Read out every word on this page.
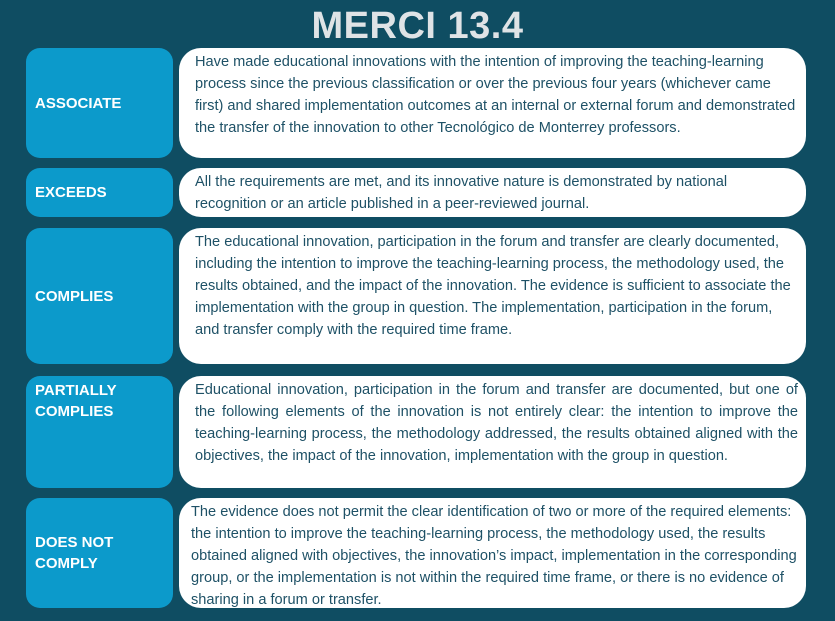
MERCI 13.4
ASSOCIATE
Have made educational innovations with the intention of improving the teaching-learning process since the previous classification or over the previous four years (whichever came first) and shared implementation outcomes at an internal or external forum and demonstrated the transfer of the innovation to other Tecnológico de Monterrey professors.
EXCEEDS
All the requirements are met, and its innovative nature is demonstrated by national recognition or an article published in a peer-reviewed journal.
COMPLIES
The educational innovation, participation in the forum and transfer are clearly documented, including the intention to improve the teaching-learning process, the methodology used, the results obtained, and the impact of the innovation. The evidence is sufficient to associate the implementation with the group in question. The implementation, participation in the forum, and transfer comply with the required time frame.
PARTIALLY COMPLIES
Educational innovation, participation in the forum and transfer are documented, but one of the following elements of the innovation is not entirely clear: the intention to improve the teaching-learning process, the methodology addressed, the results obtained aligned with the objectives, the impact of the innovation, implementation with the group in question.
DOES NOT COMPLY
The evidence does not permit the clear identification of two or more of the required elements: the intention to improve the teaching-learning process, the methodology used, the results obtained aligned with objectives, the innovation’s impact, implementation in the corresponding group, or the implementation is not within the required time frame, or there is no evidence of sharing in a forum or transfer.
